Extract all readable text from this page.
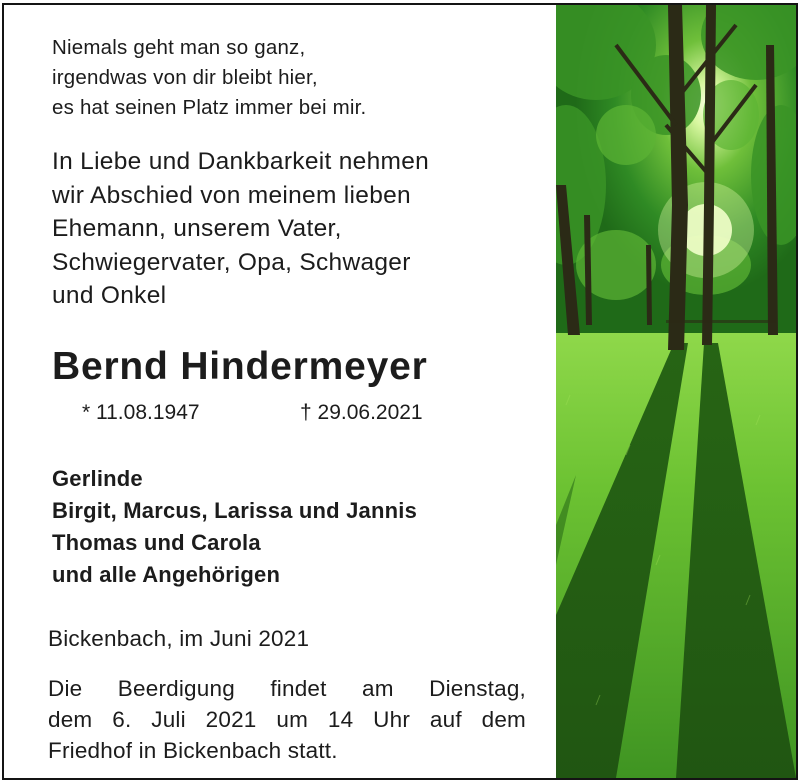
Niemals geht man so ganz,
irgendwas von dir bleibt hier,
es hat seinen Platz immer bei mir.
In Liebe und Dankbarkeit nehmen
wir Abschied von meinem lieben
Ehemann, unserem Vater,
Schwiegervater, Opa, Schwager
und Onkel
Bernd Hindermeyer
* 11.08.1947	† 29.06.2021
Gerlinde
Birgit, Marcus, Larissa und Jannis
Thomas und Carola
und alle Angehörigen
Bickenbach, im Juni 2021
Die Beerdigung findet am Dienstag,
dem 6. Juli 2021 um 14 Uhr auf dem
Friedhof in Bickenbach statt.
